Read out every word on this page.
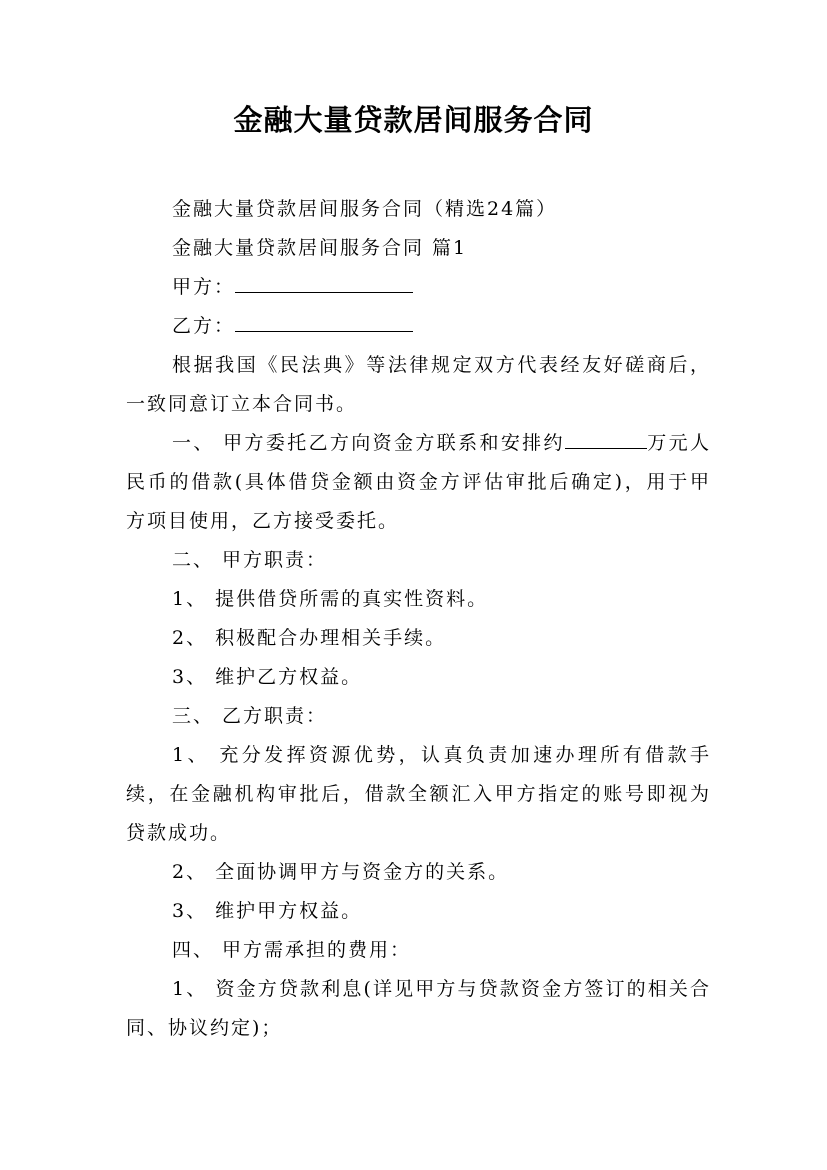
金融大量贷款居间服务合同

金融大量贷款居间服务合同（精选24篇）

金融大量贷款居间服务合同 篇1

甲方：

乙方：

根据我国《民法典》等法律规定双方代表经友好磋商后，一致同意订立本合同书。

一、 甲方委托乙方向资金方联系和安排约	万元人民币的借款(具体借贷金额由资金方评估审批后确定)，用于甲方项目使用，乙方接受委托。

二、 甲方职责：

1、 提供借贷所需的真实性资料。

2、 积极配合办理相关手续。

3、 维护乙方权益。

三、 乙方职责：

1、 充分发挥资源优势，认真负责加速办理所有借款手续，在金融机构审批后，借款全额汇入甲方指定的账号即视为贷款成功。

2、 全面协调甲方与资金方的关系。

3、 维护甲方权益。

四、 甲方需承担的费用：

1、 资金方贷款利息(详见甲方与贷款资金方签订的相关合同、协议约定)；
